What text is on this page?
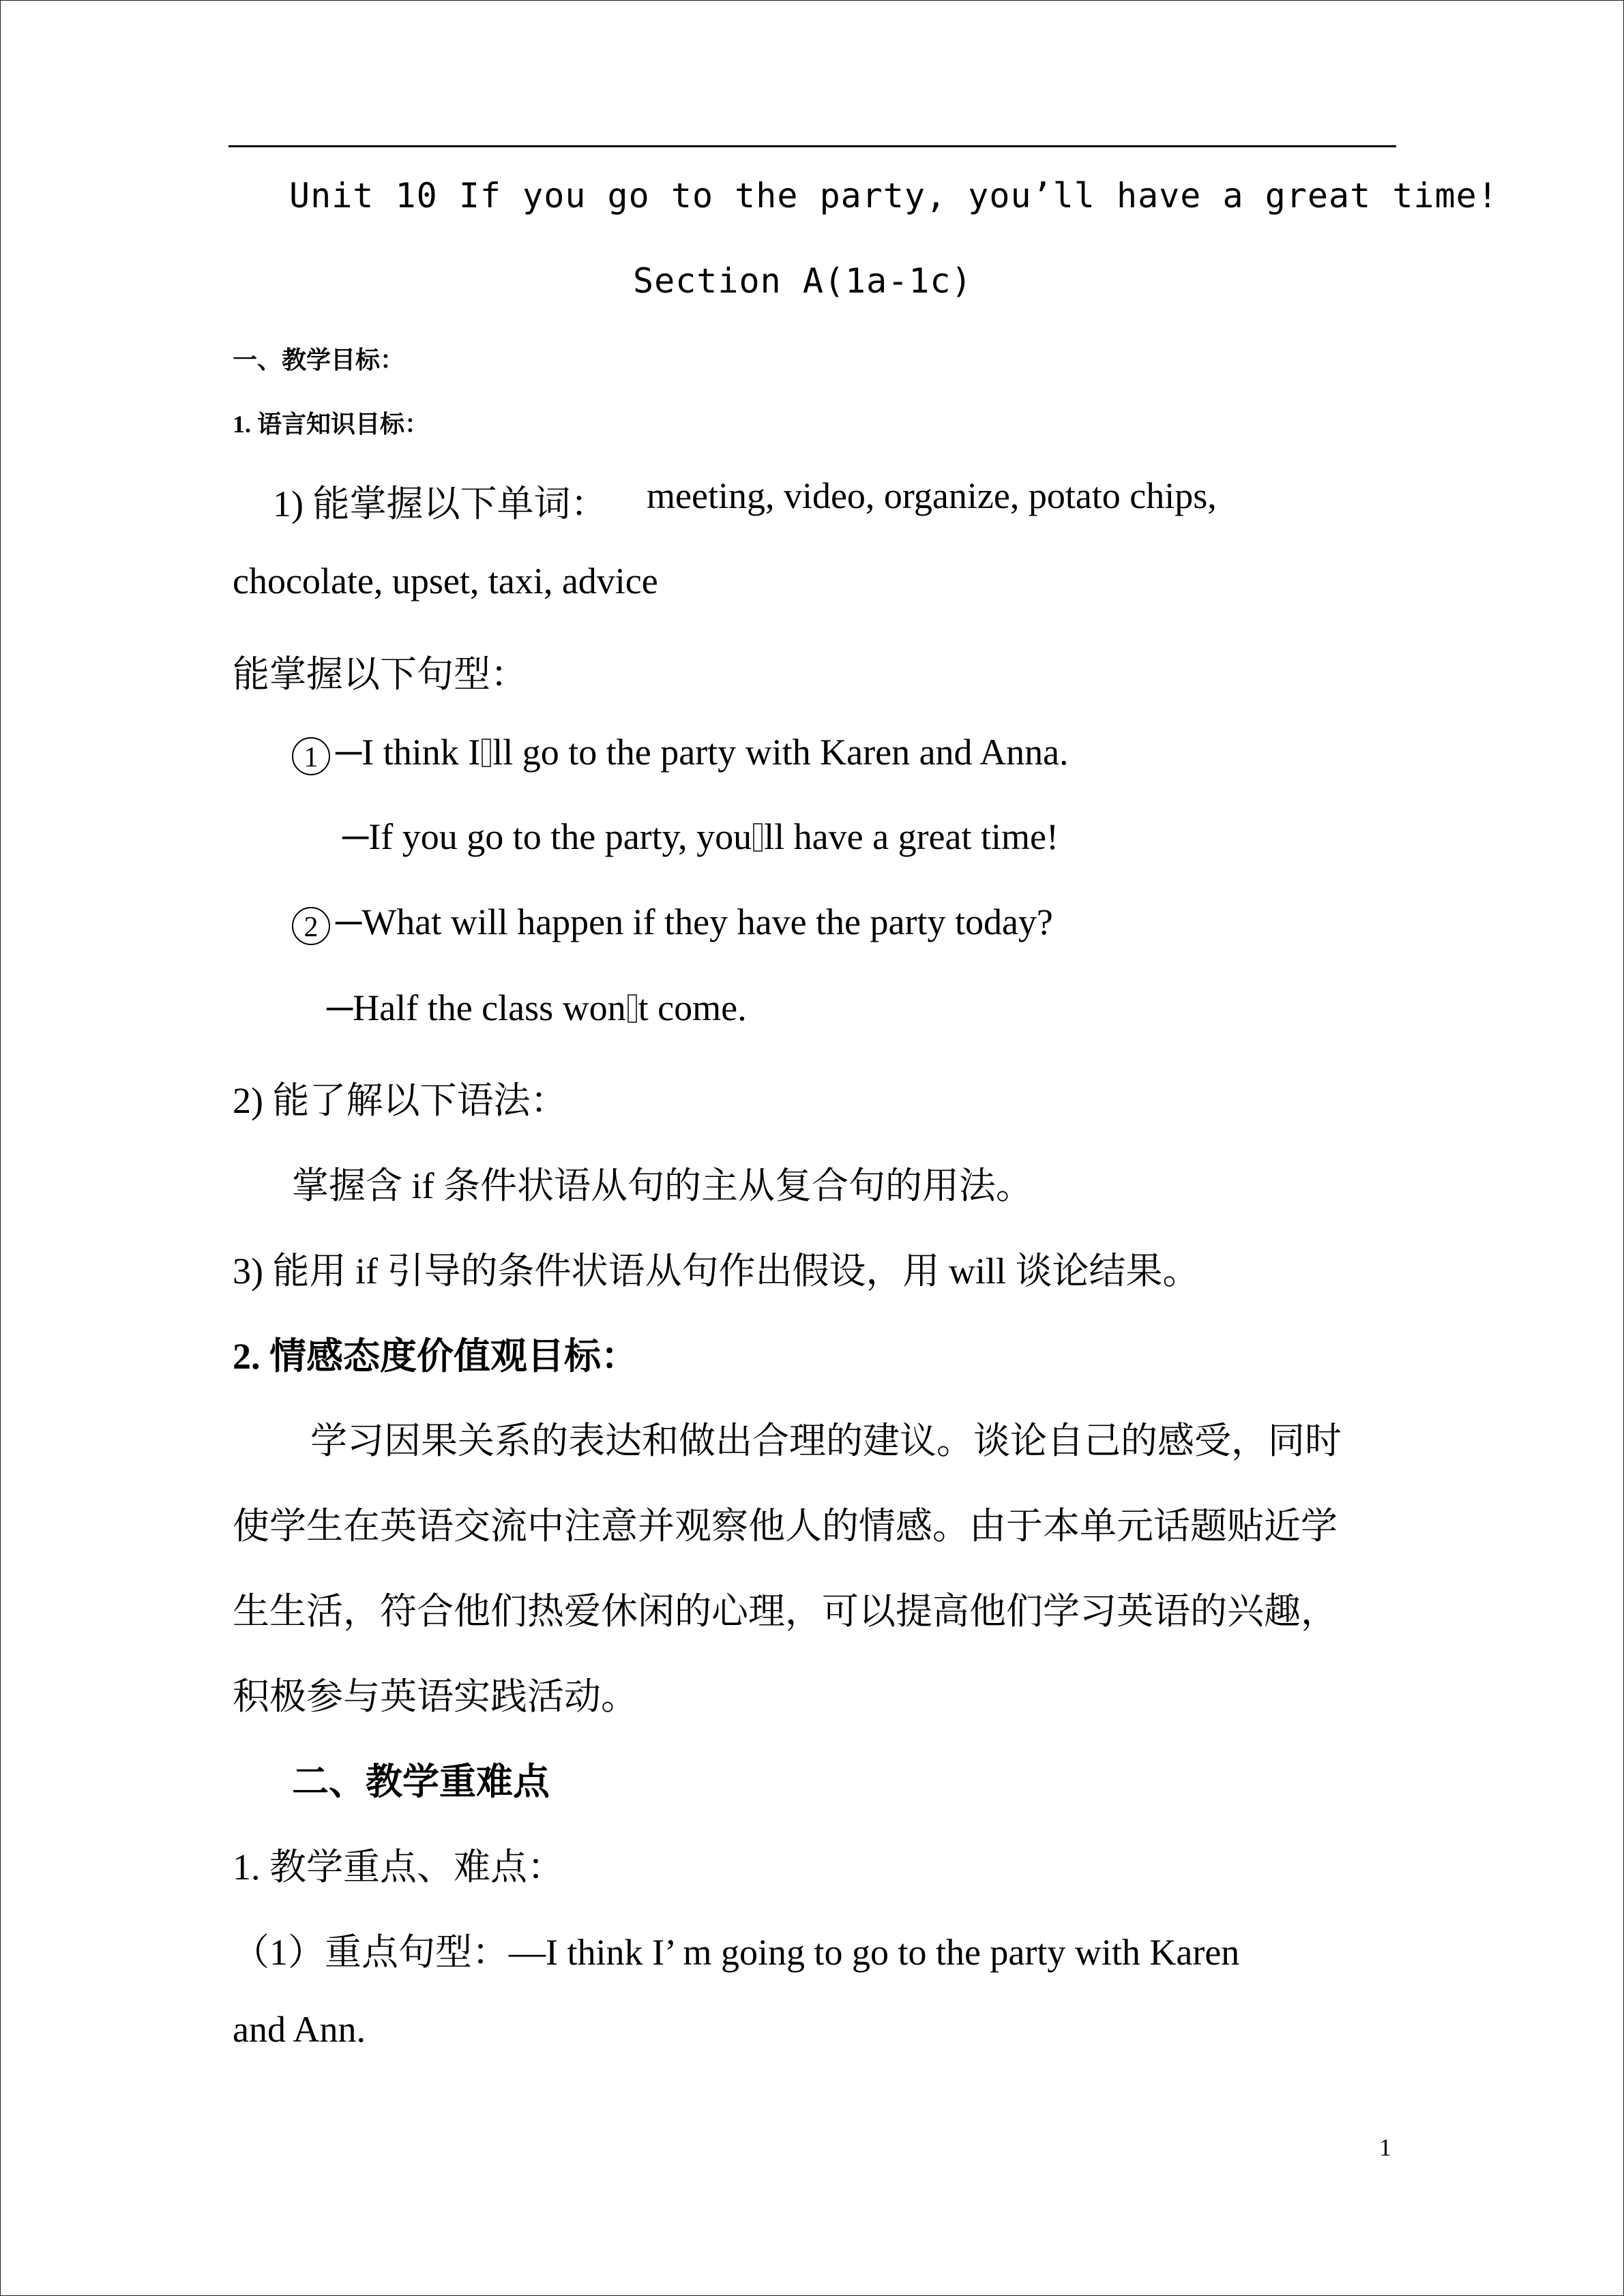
Unit 10 If you go to the party, you’ll have a great time!
Section A(1a-1c)
一、教学目标：
1. 语言知识目标：
1) 能掌握以下单词： meeting, video, organize, potato chips,
chocolate, upset, taxi, advice
能掌握以下句型：
1 ─I think I ll go to the party with Karen and Anna.
─If you go to the party, you ll have a great time!
2 ─What will happen if they have the party today?
─Half the class won t come.
2) 能了解以下语法：
掌握含 if 条件状语从句的主从复合句的用法。
3) 能用 if 引导的条件状语从句作出假设，用 will 谈论结果。
2. 情感态度价值观目标：
学习因果关系的表达和做出合理的建议。谈论自己的感受，同时
使学生在英语交流中注意并观察他人的情感。由于本单元话题贴近学
生生活，符合他们热爱休闲的心理，可以提高他们学习英语的兴趣，
积极参与英语实践活动。
二、教学重难点
1. 教学重点、难点：
（1）重点句型：—I think I’ m going to go to the party with Karen
and Ann.
1
